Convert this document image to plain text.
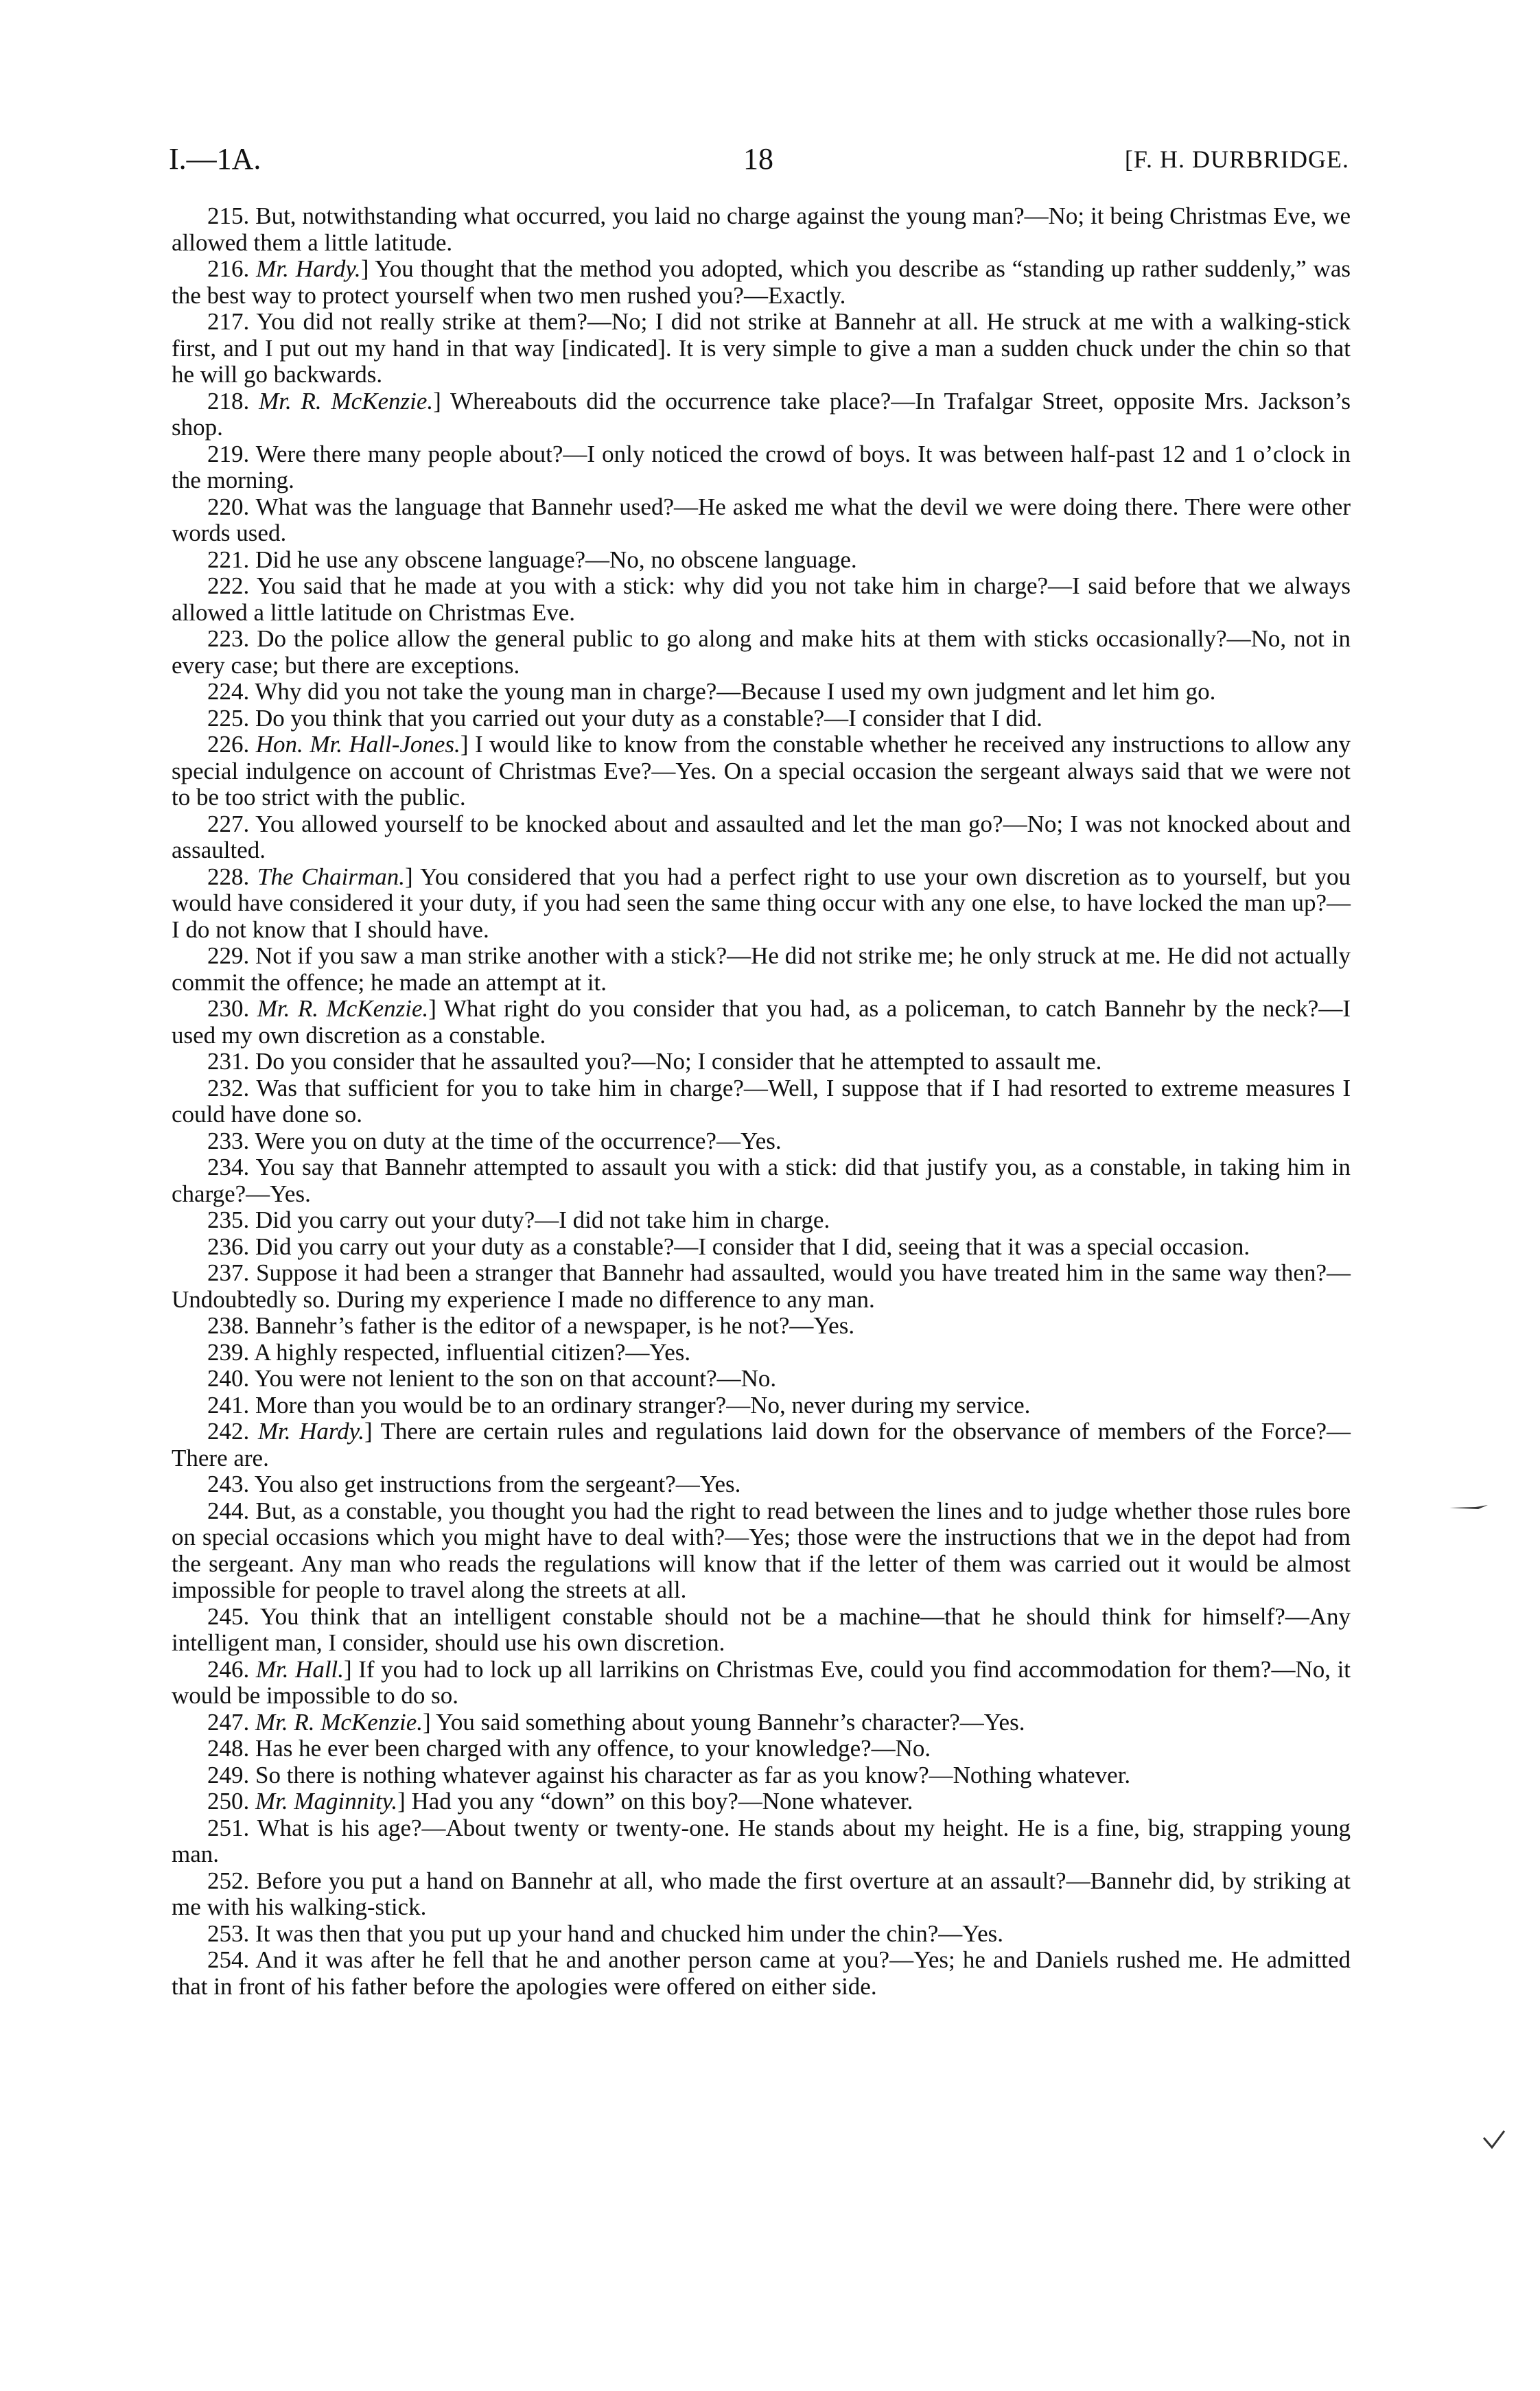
I.—1A.	18	[F. H. DURBRIDGE.

215. But, notwithstanding what occurred, you laid no charge against the young man?—No; it being Christmas Eve, we allowed them a little latitude.

216. Mr. Hardy.] You thought that the method you adopted, which you describe as “standing up rather suddenly,” was the best way to protect yourself when two men rushed you?—Exactly.

217. You did not really strike at them?—No; I did not strike at Bannehr at all. He struck at me with a walking-stick first, and I put out my hand in that way [indicated]. It is very simple to give a man a sudden chuck under the chin so that he will go backwards.

218. Mr. R. McKenzie.] Whereabouts did the occurrence take place?—In Trafalgar Street, opposite Mrs. Jackson’s shop.

219. Were there many people about?—I only noticed the crowd of boys. It was between half-past 12 and 1 o’clock in the morning.

220. What was the language that Bannehr used?—He asked me what the devil we were doing there. There were other words used.

221. Did he use any obscene language?—No, no obscene language.

222. You said that he made at you with a stick: why did you not take him in charge?—I said before that we always allowed a little latitude on Christmas Eve.

223. Do the police allow the general public to go along and make hits at them with sticks occasionally?—No, not in every case; but there are exceptions.

224. Why did you not take the young man in charge?—Because I used my own judgment and let him go.

225. Do you think that you carried out your duty as a constable?—I consider that I did.

226. Hon. Mr. Hall-Jones.] I would like to know from the constable whether he received any instructions to allow any special indulgence on account of Christmas Eve?—Yes. On a special occasion the sergeant always said that we were not to be too strict with the public.

227. You allowed yourself to be knocked about and assaulted and let the man go?—No; I was not knocked about and assaulted.

228. The Chairman.] You considered that you had a perfect right to use your own discretion as to yourself, but you would have considered it your duty, if you had seen the same thing occur with any one else, to have locked the man up?—I do not know that I should have.

229. Not if you saw a man strike another with a stick?—He did not strike me; he only struck at me. He did not actually commit the offence; he made an attempt at it.

230. Mr. R. McKenzie.] What right do you consider that you had, as a policeman, to catch Bannehr by the neck?—I used my own discretion as a constable.

231. Do you consider that he assaulted you?—No; I consider that he attempted to assault me.

232. Was that sufficient for you to take him in charge?—Well, I suppose that if I had resorted to extreme measures I could have done so.

233. Were you on duty at the time of the occurrence?—Yes.

234. You say that Bannehr attempted to assault you with a stick: did that justify you, as a constable, in taking him in charge?—Yes.

235. Did you carry out your duty?—I did not take him in charge.

236. Did you carry out your duty as a constable?—I consider that I did, seeing that it was a special occasion.

237. Suppose it had been a stranger that Bannehr had assaulted, would you have treated him in the same way then?—Undoubtedly so. During my experience I made no difference to any man.

238. Bannehr’s father is the editor of a newspaper, is he not?—Yes.

239. A highly respected, influential citizen?—Yes.

240. You were not lenient to the son on that account?—No.

241. More than you would be to an ordinary stranger?—No, never during my service.

242. Mr. Hardy.] There are certain rules and regulations laid down for the observance of members of the Force?—There are.

243. You also get instructions from the sergeant?—Yes.

244. But, as a constable, you thought you had the right to read between the lines and to judge whether those rules bore on special occasions which you might have to deal with?—Yes; those were the instructions that we in the depot had from the sergeant. Any man who reads the regulations will know that if the letter of them was carried out it would be almost impossible for people to travel along the streets at all.

245. You think that an intelligent constable should not be a machine—that he should think for himself?—Any intelligent man, I consider, should use his own discretion.

246. Mr. Hall.] If you had to lock up all larrikins on Christmas Eve, could you find accommodation for them?—No, it would be impossible to do so.

247. Mr. R. McKenzie.] You said something about young Bannehr’s character?—Yes.

248. Has he ever been charged with any offence, to your knowledge?—No.

249. So there is nothing whatever against his character as far as you know?—Nothing whatever.

250. Mr. Maginnity.] Had you any “down” on this boy?—None whatever.

251. What is his age?—About twenty or twenty-one. He stands about my height. He is a fine, big, strapping young man.

252. Before you put a hand on Bannehr at all, who made the first overture at an assault?—Bannehr did, by striking at me with his walking-stick.

253. It was then that you put up your hand and chucked him under the chin?—Yes.

254. And it was after he fell that he and another person came at you?—Yes; he and Daniels rushed me. He admitted that in front of his father before the apologies were offered on either side.
